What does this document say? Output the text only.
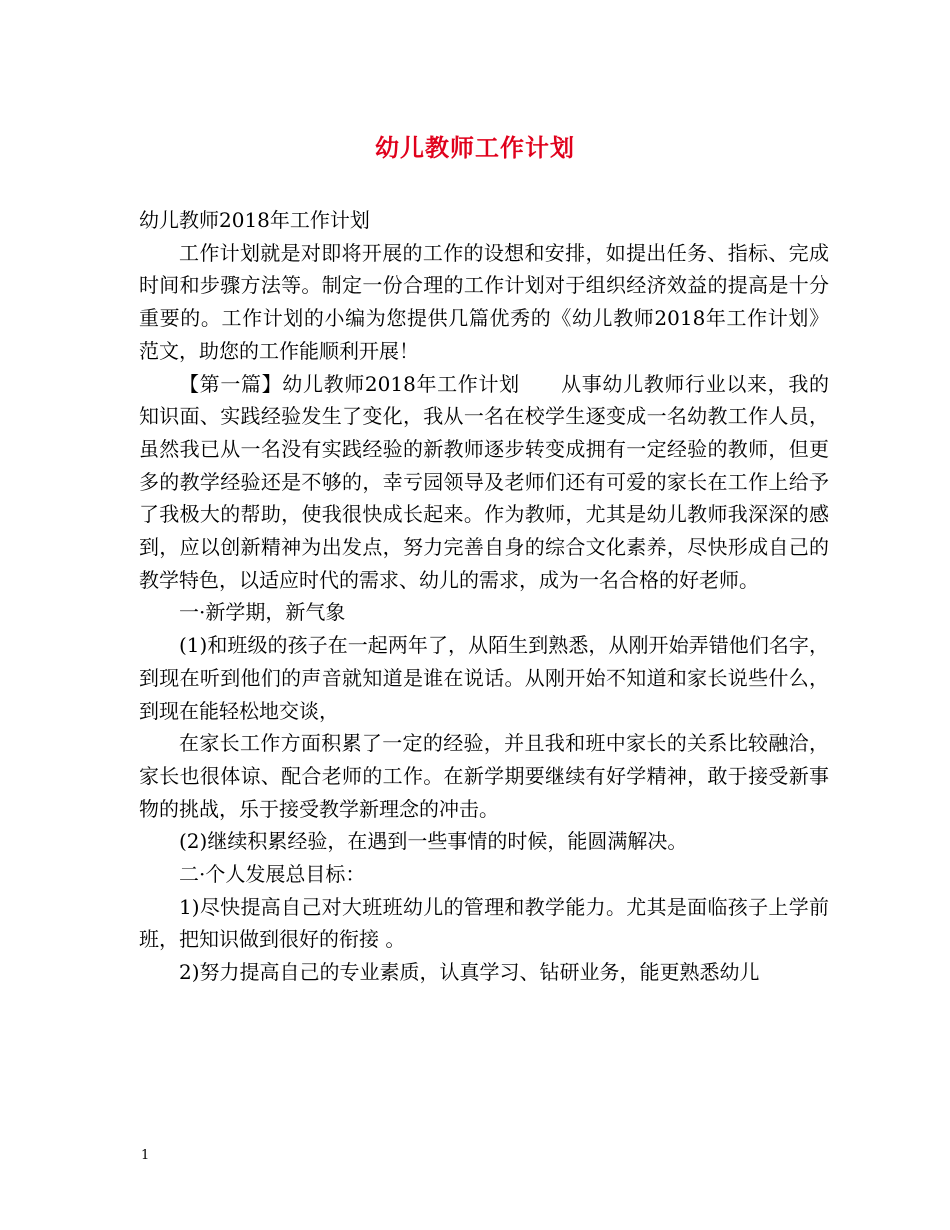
幼儿教师工作计划

幼儿教师2018年工作计划

工作计划就是对即将开展的工作的设想和安排，如提出任务、指标、完成时间和步骤方法等。制定一份合理的工作计划对于组织经济效益的提高是十分重要的。工作计划的小编为您提供几篇优秀的《幼儿教师2018年工作计划》范文，助您的工作能顺利开展！

【第一篇】幼儿教师2018年工作计划　　从事幼儿教师行业以来，我的知识面、实践经验发生了变化，我从一名在校学生逐变成一名幼教工作人员，虽然我已从一名没有实践经验的新教师逐步转变成拥有一定经验的教师，但更多的教学经验还是不够的，幸亏园领导及老师们还有可爱的家长在工作上给予了我极大的帮助，使我很快成长起来。作为教师，尤其是幼儿教师我深深的感到，应以创新精神为出发点，努力完善自身的综合文化素养，尽快形成自己的教学特色，以适应时代的需求、幼儿的需求，成为一名合格的好老师。

一·新学期，新气象

(1)和班级的孩子在一起两年了，从陌生到熟悉，从刚开始弄错他们名字，到现在听到他们的声音就知道是谁在说话。从刚开始不知道和家长说些什么，到现在能轻松地交谈，

在家长工作方面积累了一定的经验，并且我和班中家长的关系比较融洽，家长也很体谅、配合老师的工作。在新学期要继续有好学精神，敢于接受新事物的挑战，乐于接受教学新理念的冲击。

(2)继续积累经验，在遇到一些事情的时候，能圆满解决。

二·个人发展总目标：

1)尽快提高自己对大班班幼儿的管理和教学能力。尤其是面临孩子上学前班，把知识做到很好的衔接 。

2)努力提高自己的专业素质，认真学习、钻研业务，能更熟悉幼儿

1
